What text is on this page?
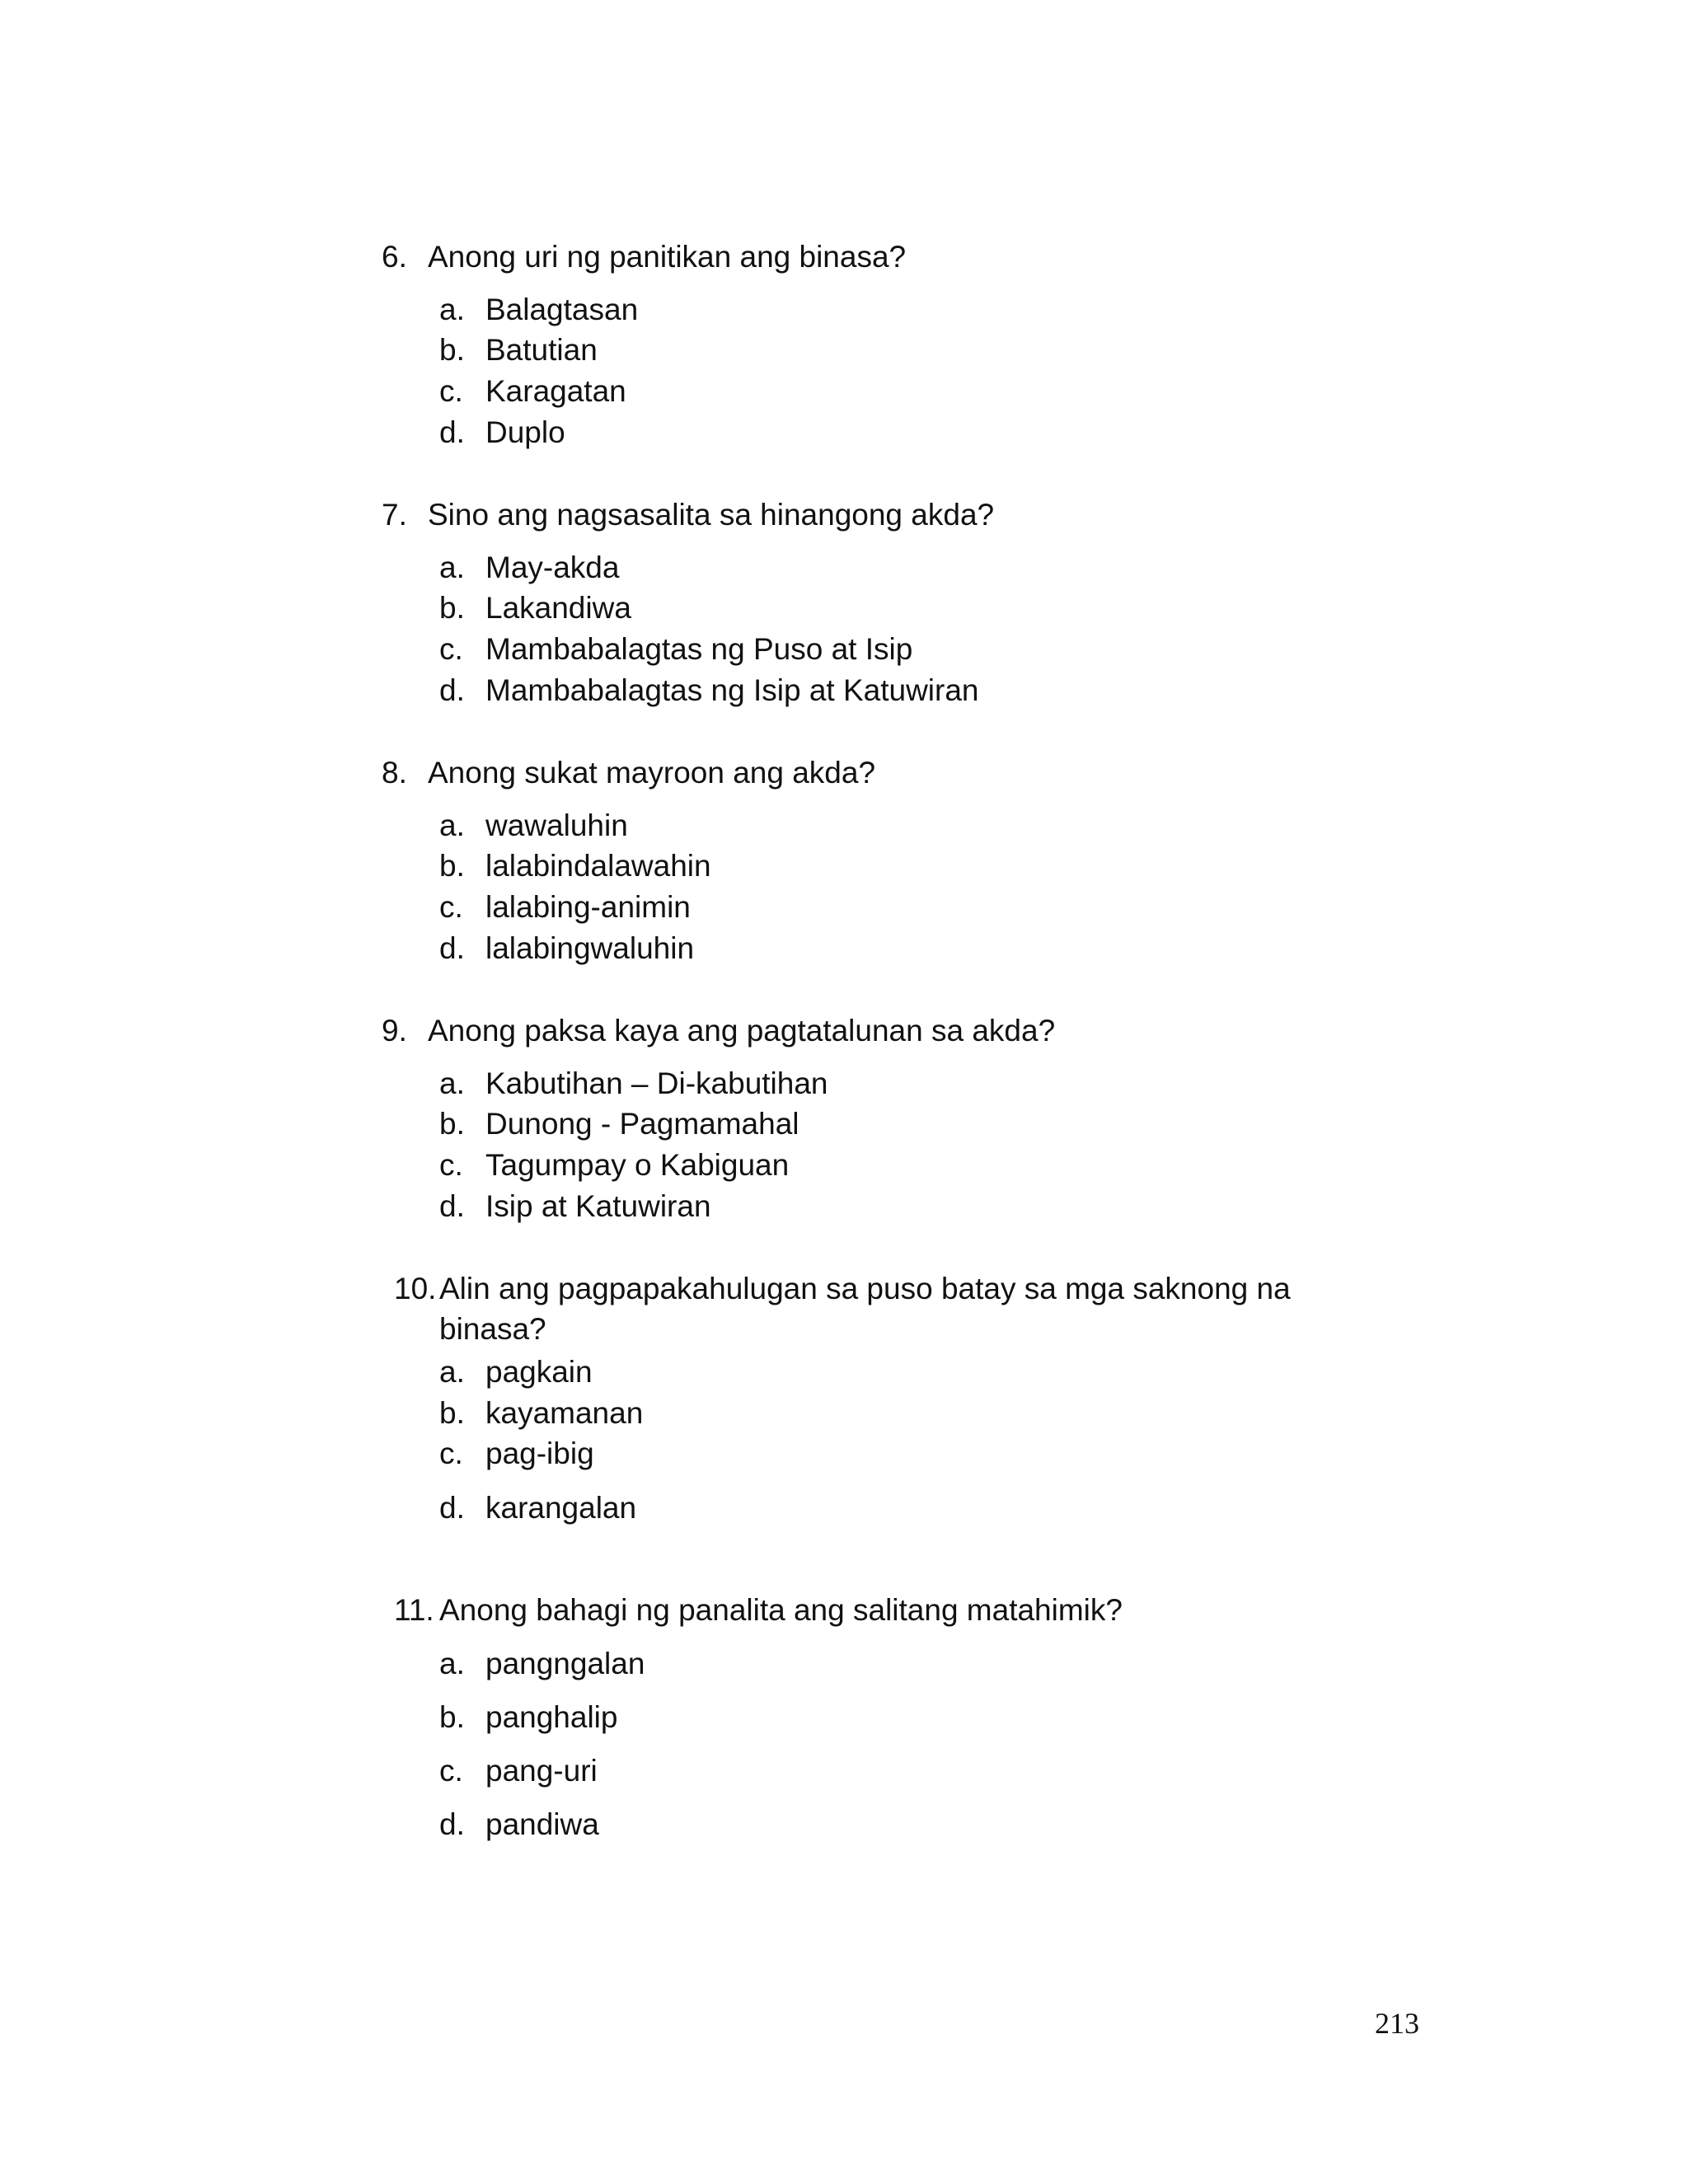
6. Anong uri ng panitikan ang binasa?
a. Balagtasan
b. Batutian
c. Karagatan
d. Duplo
7. Sino ang nagsasalita sa hinangong akda?
a. May-akda
b. Lakandiwa
c. Mambabalagtas ng Puso at Isip
d. Mambabalagtas ng Isip at Katuwiran
8. Anong sukat mayroon ang akda?
a. wawaluhin
b. lalabindalawahin
c. lalabing-animin
d. lalabingwaluhin
9. Anong paksa kaya ang pagtatalunan sa akda?
a. Kabutihan – Di-kabutihan
b. Dunong - Pagmamahal
c. Tagumpay o Kabiguan
d. Isip at Katuwiran
10. Alin ang pagpapakahulugan sa puso batay sa mga saknong na
binasa?
a. pagkain
b. kayamanan
c. pag-ibig
d. karangalan
11. Anong bahagi ng panalita ang salitang matahimik?
a. pangngalan
b. panghalip
c. pang-uri
d. pandiwa
213
